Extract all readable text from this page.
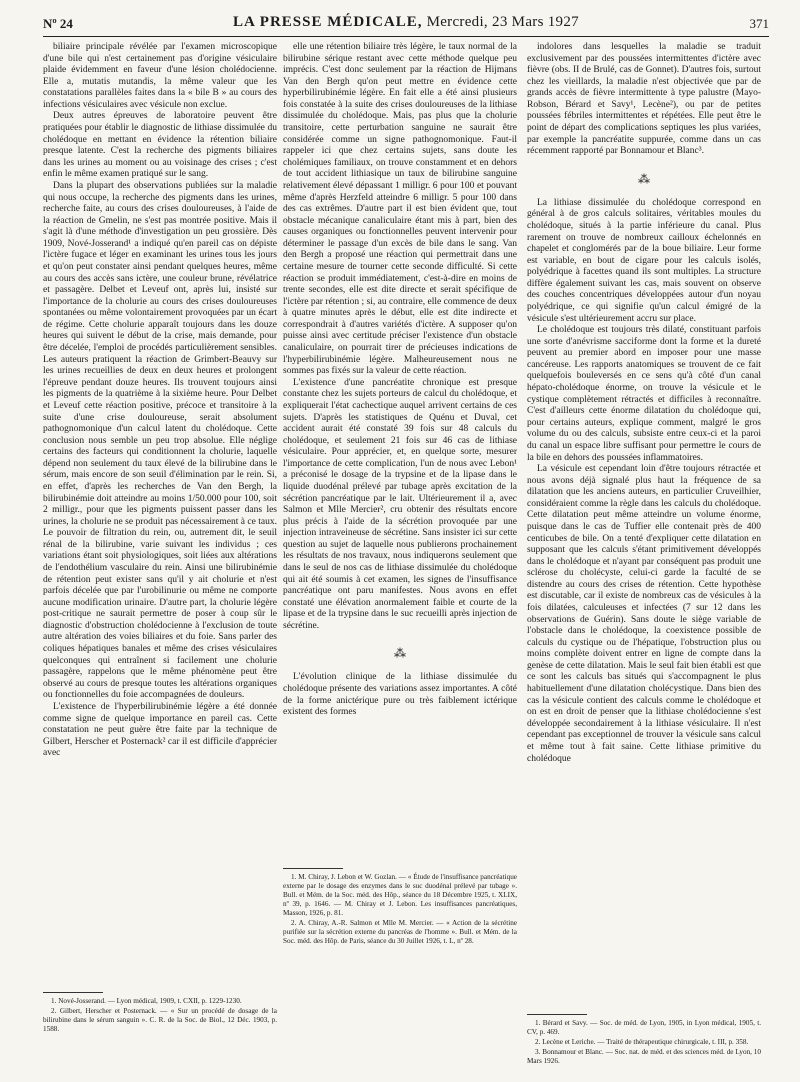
Nº 24	LA PRESSE MÉDICALE, Mercredi, 23 Mars 1927	371

biliaire principale révélée par l'examen microscopique d'une bile qui n'est certainement pas d'origine vésiculaire plaide évidemment en faveur d'une lésion cholédocienne. Elle a, mutatis mutandis, la même valeur que les constatations parallèles faites dans la « bile B » au cours des infections vésiculaires avec vésicule non exclue.

Deux autres épreuves de laboratoire peuvent être pratiquées pour établir le diagnostic de lithiase dissimulée du cholédoque en mettant en évidence la rétention biliaire presque latente. C'est la recherche des pigments biliaires dans les urines au moment ou au voisinage des crises ; c'est enfin le même examen pratiqué sur le sang.

Dans la plupart des observations publiées sur la maladie qui nous occupe, la recherche des pigments dans les urines, recherche faite, au cours des crises douloureuses, à l'aide de la réaction de Gmelin, ne s'est pas montrée positive. Mais il s'agit là d'une méthode d'investigation un peu grossière. Dès 1909, Nové-Josserand¹ a indiqué qu'en pareil cas on dépiste l'ictère fugace et léger en examinant les urines tous les jours et qu'on peut constater ainsi pendant quelques heures, même au cours des accès sans ictère, une couleur brune, révélatrice et passagère. Delbet et Leveuf ont, après lui, insisté sur l'importance de la cholurie au cours des crises douloureuses spontanées ou même volontairement provoquées par un écart de régime. Cette cholurie apparaît toujours dans les douze heures qui suivent le début de la crise, mais demande, pour être décelée, l'emploi de procédés particulièrement sensibles. Les auteurs pratiquent la réaction de Grimbert-Beauvy sur les urines recueillies de deux en deux heures et prolongent l'épreuve pendant douze heures. Ils trouvent toujours ainsi les pigments de la quatrième à la sixième heure. Pour Delbet et Leveuf cette réaction positive, précoce et transitoire à la suite d'une crise douloureuse, serait absolument pathognomonique d'un calcul latent du cholédoque. Cette conclusion nous semble un peu trop absolue. Elle néglige certains des facteurs qui conditionnent la cholurie, laquelle dépend non seulement du taux élevé de la bilirubine dans le sérum, mais encore de son seuil d'élimination par le rein. Si, en effet, d'après les recherches de Van den Bergh, la bilirubinémie doit atteindre au moins 1/50.000 pour 100, soit 2 milligr., pour que les pigments puissent passer dans les urines, la cholurie ne se produit pas nécessairement à ce taux. Le pouvoir de filtration du rein, ou, autrement dit, le seuil rénal de la bilirubine, varie suivant les individus ; ces variations étant soit physiologiques, soit liées aux altérations de l'endothélium vasculaire du rein. Ainsi une bilirubinémie de rétention peut exister sans qu'il y ait cholurie et n'est parfois décelée que par l'urobilinurie ou même ne comporte aucune modification urinaire. D'autre part, la cholurie légère post-critique ne saurait permettre de poser à coup sûr le diagnostic d'obstruction cholédocienne à l'exclusion de toute autre altération des voies biliaires et du foie. Sans parler des coliques hépatiques banales et même des crises vésiculaires quelconques qui entraînent si facilement une cholurie passagère, rappelons que le même phénomène peut être observé au cours de presque toutes les altérations organiques ou fonctionnelles du foie accompagnées de douleurs.

L'existence de l'hyperbilirubinémie légère a été donnée comme signe de quelque importance en pareil cas. Cette constatation ne peut guère être faite par la technique de Gilbert, Herscher et Posternack² car il est difficile d'apprécier avec

1. Nové-Josserand. — Lyon médical, 1909, t. CXII, p. 1229-1230.

2. Gilbert, Herscher et Posternack. — « Sur un procédé de dosage de la bilirubine dans le sérum sanguin ». C. R. de la Soc. de Biol., 12 Déc. 1903, p. 1588.

elle une rétention biliaire très légère, le taux normal de la bilirubine sérique restant avec cette méthode quelque peu imprécis. C'est donc seulement par la réaction de Hijmans Van den Bergh qu'on peut mettre en évidence cette hyperbilirubinémie légère. En fait elle a été ainsi plusieurs fois constatée à la suite des crises douloureuses de la lithiase dissimulée du cholédoque. Mais, pas plus que la cholurie transitoire, cette perturbation sanguine ne saurait être considérée comme un signe pathognomonique. Faut-il rappeler ici que chez certains sujets, sans doute les cholémiques familiaux, on trouve constamment et en dehors de tout accident lithiasique un taux de bilirubine sanguine relativement élevé dépassant 1 milligr. 6 pour 100 et pouvant même d'après Herzfeld atteindre 6 milligr. 5 pour 100 dans des cas extrêmes. D'autre part il est bien évident que, tout obstacle mécanique canaliculaire étant mis à part, bien des causes organiques ou fonctionnelles peuvent intervenir pour déterminer le passage d'un excès de bile dans le sang. Van den Bergh a proposé une réaction qui permettrait dans une certaine mesure de tourner cette seconde difficulté. Si cette réaction se produit immédiatement, c'est-à-dire en moins de trente secondes, elle est dite directe et serait spécifique de l'ictère par rétention ; si, au contraire, elle commence de deux à quatre minutes après le début, elle est dite indirecte et correspondrait à d'autres variétés d'ictère. A supposer qu'on puisse ainsi avec certitude préciser l'existence d'un obstacle canaliculaire, on pourrait tirer de précieuses indications de l'hyperbilirubinémie légère. Malheureusement nous ne sommes pas fixés sur la valeur de cette réaction.

L'existence d'une pancréatite chronique est presque constante chez les sujets porteurs de calcul du cholédoque, et expliquerait l'état cachectique auquel arrivent certains de ces sujets. D'après les statistiques de Quénu et Duval, cet accident aurait été constaté 39 fois sur 48 calculs du cholédoque, et seulement 21 fois sur 46 cas de lithiase vésiculaire. Pour apprécier, et, en quelque sorte, mesurer l'importance de cette complication, l'un de nous avec Lebon¹ a préconisé le dosage de la trypsine et de la lipase dans le liquide duodénal prélevé par tubage après excitation de la sécrétion pancréatique par le lait. Ultérieurement il a, avec Salmon et Mlle Mercier², cru obtenir des résultats encore plus précis à l'aide de la sécrétion provoquée par une injection intraveineuse de sécrétine. Sans insister ici sur cette question au sujet de laquelle nous publierons prochainement les résultats de nos travaux, nous indiquerons seulement que dans le seul de nos cas de lithiase dissimulée du cholédoque qui ait été soumis à cet examen, les signes de l'insuffisance pancréatique ont paru manifestes. Nous avons en effet constaté une élévation anormalement faible et courte de la lipase et de la trypsine dans le suc recueilli après injection de sécrétine.

⁂

L'évolution clinique de la lithiase dissimulée du cholédoque présente des variations assez importantes. A côté de la forme anictérique pure ou très faiblement ictérique existent des formes

1. M. Chiray, J. Lebon et W. Gozlan. — « Étude de l'insuffisance pancréatique externe par le dosage des enzymes dans le suc duodénal prélevé par tubage ». Bull. et Mém. de la Soc. méd. des Hôp., séance du 18 Décembre 1925, t. XLIX, nº 39, p. 1646. — M. Chiray et J. Lebon. Les insuffisances pancréatiques, Masson, 1926, p. 81.

2. A. Chiray, A.-R. Salmon et Mlle M. Mercier. — « Action de la sécrétine purifiée sur la sécrétion externe du pancréas de l'homme ». Bull. et Mém. de la Soc. méd. des Hôp. de Paris, séance du 30 Juillet 1926, t. L, nº 28.

indolores dans lesquelles la maladie se traduit exclusivement par des poussées intermittentes d'ictère avec fièvre (obs. II de Brulé, cas de Gonnet). D'autres fois, surtout chez les vieillards, la maladie n'est objectivée que par de grands accès de fièvre intermittente à type palustre (Mayo-Robson, Bérard et Savy¹, Lecène²), ou par de petites poussées fébriles intermittentes et répétées. Elle peut être le point de départ des complications septiques les plus variées, par exemple la pancréatite suppurée, comme dans un cas récemment rapporté par Bonnamour et Blanc³.

⁂

La lithiase dissimulée du cholédoque correspond en général à de gros calculs solitaires, véritables moules du cholédoque, situés à la partie inférieure du canal. Plus rarement on trouve de nombreux cailloux échelonnés en chapelet et conglomérés par de la boue biliaire. Leur forme est variable, en bout de cigare pour les calculs isolés, polyédrique à facettes quand ils sont multiples. La structure diffère également suivant les cas, mais souvent on observe des couches concentriques développées autour d'un noyau polyédrique, ce qui signifie qu'un calcul émigré de la vésicule s'est ultérieurement accru sur place.

Le cholédoque est toujours très dilaté, constituant parfois une sorte d'anévrisme sacciforme dont la forme et la dureté peuvent au premier abord en imposer pour une masse cancéreuse. Les rapports anatomiques se trouvent de ce fait quelquefois bouleversés en ce sens qu'à côté d'un canal hépato-cholédoque énorme, on trouve la vésicule et le cystique complètement rétractés et difficiles à reconnaître. C'est d'ailleurs cette énorme dilatation du cholédoque qui, pour certains auteurs, explique comment, malgré le gros volume du ou des calculs, subsiste entre ceux-ci et la paroi du canal un espace libre suffisant pour permettre le cours de la bile en dehors des poussées inflammatoires.

La vésicule est cependant loin d'être toujours rétractée et nous avons déjà signalé plus haut la fréquence de sa dilatation que les anciens auteurs, en particulier Cruveilhier, considéraient comme la règle dans les calculs du cholédoque. Cette dilatation peut même atteindre un volume énorme, puisque dans le cas de Tuffier elle contenait près de 400 centicubes de bile. On a tenté d'expliquer cette dilatation en supposant que les calculs s'étant primitivement développés dans le cholédoque et n'ayant par conséquent pas produit une sclérose du cholécyste, celui-ci garde la faculté de se distendre au cours des crises de rétention. Cette hypothèse est discutable, car il existe de nombreux cas de vésicules à la fois dilatées, calculeuses et infectées (7 sur 12 dans les observations de Guérin). Sans doute le siège variable de l'obstacle dans le cholédoque, la coexistence possible de calculs du cystique ou de l'hépatique, l'obstruction plus ou moins complète doivent entrer en ligne de compte dans la genèse de cette dilatation. Mais le seul fait bien établi est que ce sont les calculs bas situés qui s'accompagnent le plus habituellement d'une dilatation cholécystique. Dans bien des cas la vésicule contient des calculs comme le cholédoque et on est en droit de penser que la lithiase cholédocienne s'est développée secondairement à la lithiase vésiculaire. Il n'est cependant pas exceptionnel de trouver la vésicule sans calcul et même tout à fait saine. Cette lithiase primitive du cholédoque

1. Bérard et Savy. — Soc. de méd. de Lyon, 1905, in Lyon médical, 1905, t. CV, p. 469.

2. Lecène et Leriche. — Traité de thérapeutique chirurgicale, t. III, p. 358.

3. Bonnamour et Blanc. — Soc. nat. de méd. et des sciences méd. de Lyon, 10 Mars 1926.
